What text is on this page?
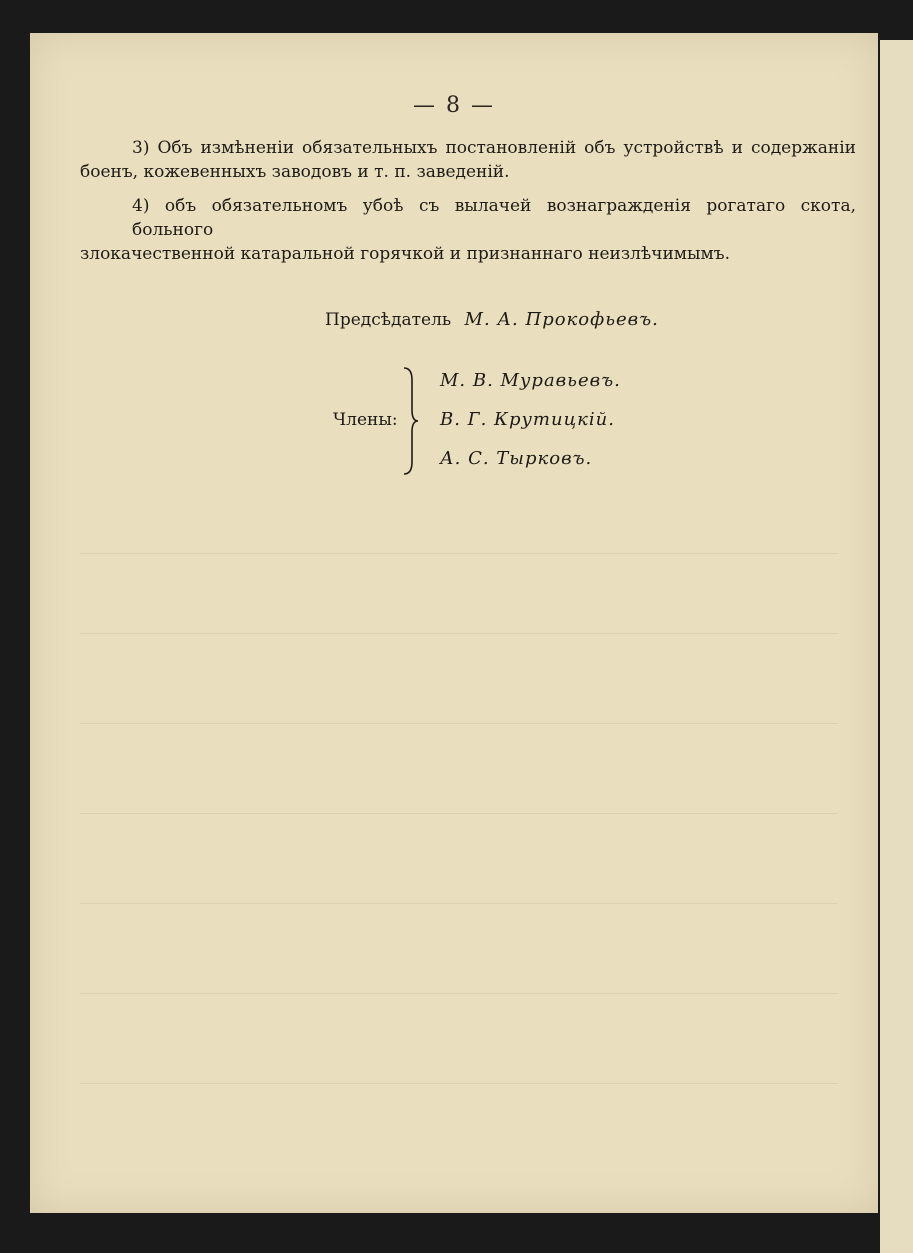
— 8 —
3) Объ измѣненіи обязательныхъ постановленій объ устройствѣ и содержаніи
боенъ, кожевенныхъ заводовъ и т. п. заведеній.
4) объ обязательномъ убоѣ съ вылачей вознагражденія рогатаго скота, больного
злокачественной катаральной горячкой и признаннаго неизлѣчимымъ.
Предсѣдатель М. А. Прокофьевъ.
Члены:
М. В. Муравьевъ.
В. Г. Крутицкій.
А. С. Тырковъ.
